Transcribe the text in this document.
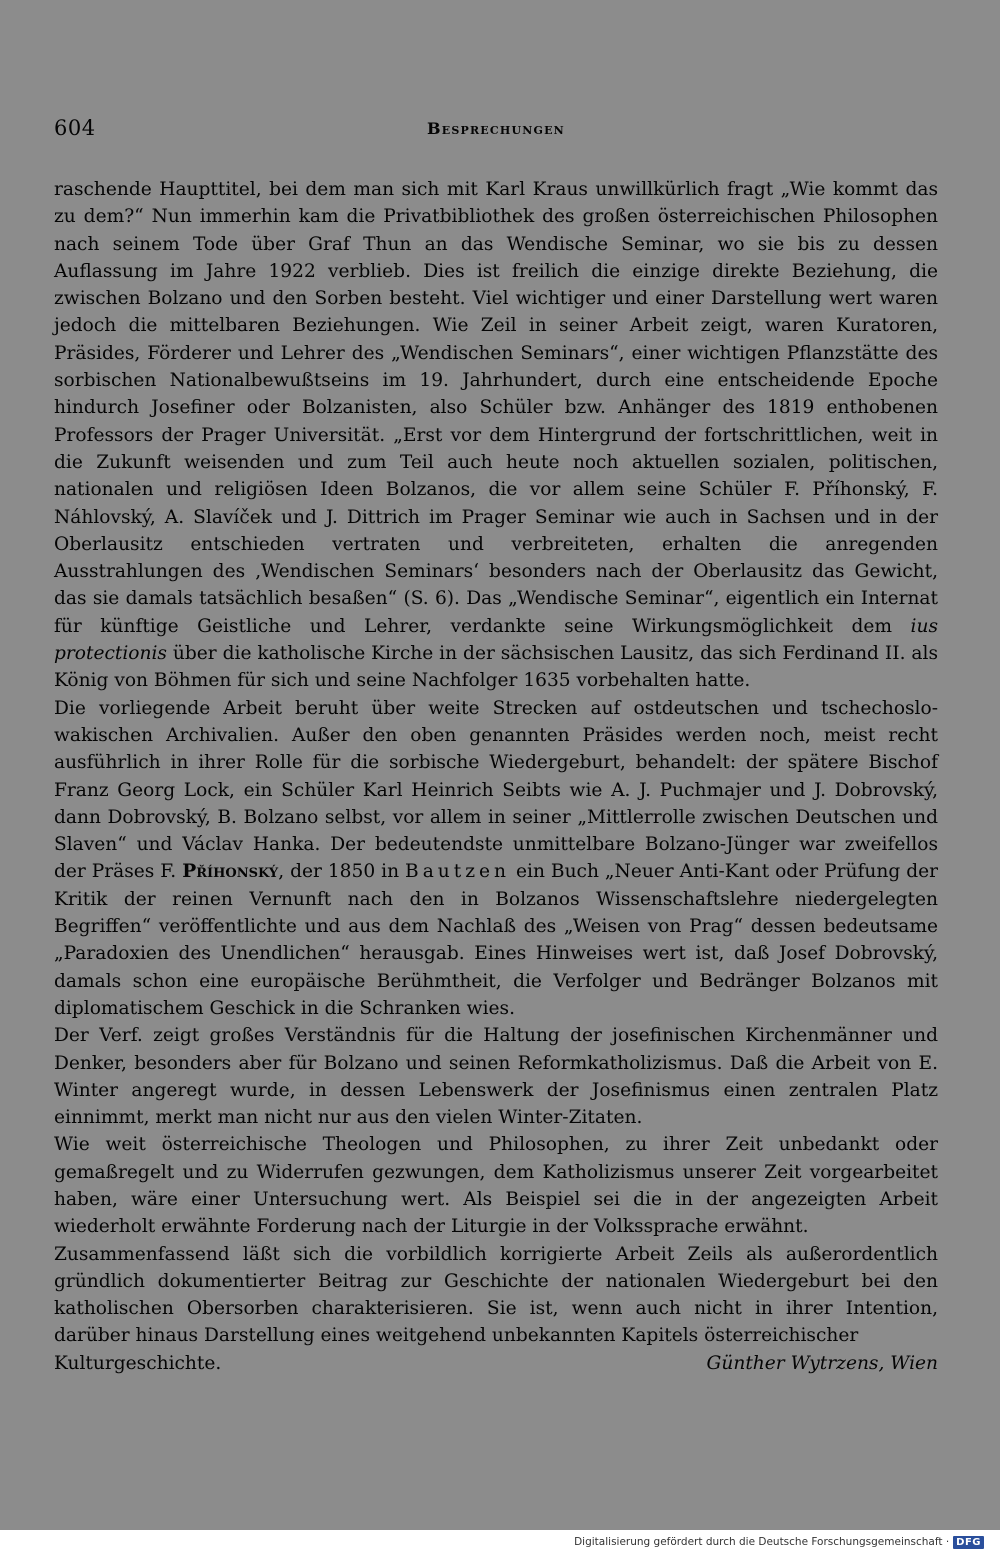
604	Besprechungen

raschende Haupttitel, bei dem man sich mit Karl Kraus unwillkürlich fragt „Wie kommt das zu dem?“ Nun immerhin kam die Privatbibliothek des großen österreichischen Philosophen nach seinem Tode über Graf Thun an das Wendische Seminar, wo sie bis zu dessen Auflassung im Jahre 1922 verblieb. Dies ist freilich die einzige direkte Beziehung, die zwischen Bolzano und den Sorben besteht. Viel wichtiger und einer Darstellung wert waren jedoch die mittelbaren Beziehungen. Wie Zeil in seiner Arbeit zeigt, waren Kuratoren, Präsides, Förderer und Lehrer des „Wendischen Seminars“, einer wichtigen Pflanzstätte des sorbischen Nationalbewußtseins im 19. Jahrhundert, durch eine entscheidende Epoche hindurch Josefiner oder Bolzanisten, also Schüler bzw. Anhänger des 1819 enthobenen Professors der Prager Universität. „Erst vor dem Hintergrund der fortschrittlichen, weit in die Zukunft weisenden und zum Teil auch heute noch aktuellen sozialen, politischen, nationalen und religiösen Ideen Bolzanos, die vor allem seine Schüler F. Příhonský, F. Náhlovský, A. Slavíček und J. Dittrich im Prager Seminar wie auch in Sachsen und in der Oberlausitz entschieden vertraten und verbreiteten, erhalten die anregenden Ausstrahlungen des ‚Wendischen Seminars‘ besonders nach der Oberlausitz das Gewicht, das sie damals tatsächlich besaßen“ (S. 6). Das „Wendische Seminar“, eigentlich ein Internat für künftige Geistliche und Lehrer, verdankte seine Wirkungsmöglichkeit dem ius protectionis über die katholische Kirche in der sächsischen Lausitz, das sich Ferdinand II. als König von Böhmen für sich und seine Nachfolger 1635 vorbehalten hatte.

Die vorliegende Arbeit beruht über weite Strecken auf ostdeutschen und tschechoslowakischen Archivalien. Außer den oben genannten Präsides werden noch, meist recht ausführlich in ihrer Rolle für die sorbische Wiedergeburt, behandelt: der spätere Bischof Franz Georg Lock, ein Schüler Karl Heinrich Seibts wie A. J. Puchmajer und J. Dobrovský, dann Dobrovský, B. Bolzano selbst, vor allem in seiner „Mittlerrolle zwischen Deutschen und Slaven“ und Václav Hanka. Der bedeutendste unmittelbare Bolzano-Jünger war zweifellos der Präses F. Příhonský, der 1850 in Bautzen ein Buch „Neuer Anti-Kant oder Prüfung der Kritik der reinen Vernunft nach den in Bolzanos Wissenschaftslehre niedergelegten Begriffen“ veröffentlichte und aus dem Nachlaß des „Weisen von Prag“ dessen bedeutsame „Paradoxien des Unendlichen“ herausgab. Eines Hinweises wert ist, daß Josef Dobrovský, damals schon eine europäische Berühmtheit, die Verfolger und Bedränger Bolzanos mit diplomatischem Geschick in die Schranken wies.

Der Verf. zeigt großes Verständnis für die Haltung der josefinischen Kirchenmänner und Denker, besonders aber für Bolzano und seinen Reformkatholizismus. Daß die Arbeit von E. Winter angeregt wurde, in dessen Lebenswerk der Josefinismus einen zentralen Platz einnimmt, merkt man nicht nur aus den vielen Winter-Zitaten.

Wie weit österreichische Theologen und Philosophen, zu ihrer Zeit unbedankt oder gemaßregelt und zu Widerrufen gezwungen, dem Katholizismus unserer Zeit vorgearbeitet haben, wäre einer Untersuchung wert. Als Beispiel sei die in der angezeigten Arbeit wiederholt erwähnte Forderung nach der Liturgie in der Volkssprache erwähnt.

Zusammenfassend läßt sich die vorbildlich korrigierte Arbeit Zeils als außerordentlich gründlich dokumentierter Beitrag zur Geschichte der nationalen Wiedergeburt bei den katholischen Obersorben charakterisieren. Sie ist, wenn auch nicht in ihrer Intention, darüber hinaus Darstellung eines weitgehend unbekannten Kapitels österreichischer

Kulturgeschichte.	Günther Wytrzens, Wien
Digitalisierung gefördert durch die Deutsche Forschungsgemeinschaft · DFG
